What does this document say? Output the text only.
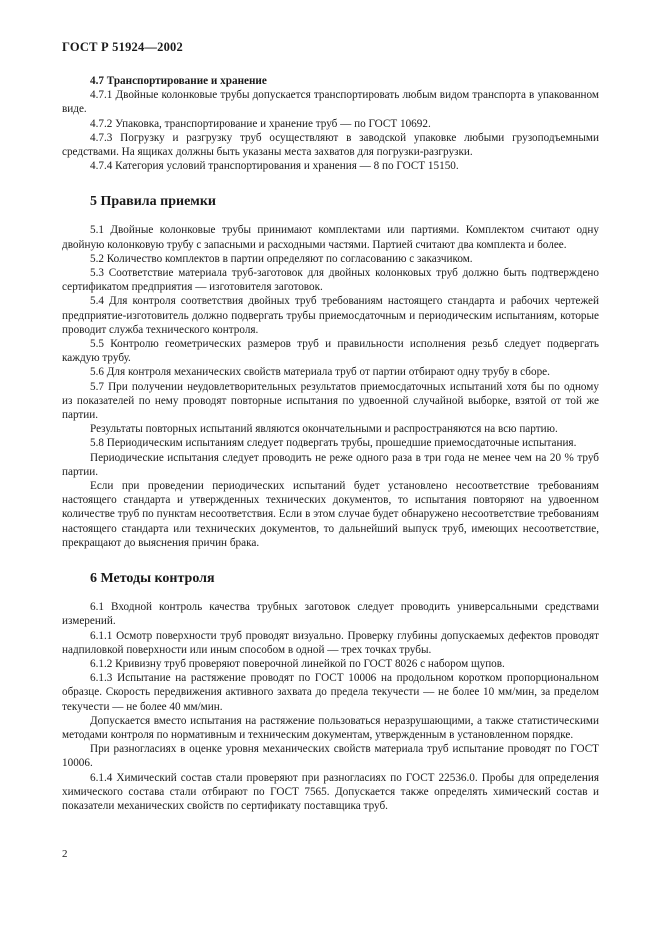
ГОСТ Р 51924—2002
4.7 Транспортирование и хранение

4.7.1 Двойные колонковые трубы допускается транспортировать любым видом транспорта в упакованном виде.

4.7.2 Упаковка, транспортирование и хранение труб — по ГОСТ 10692.

4.7.3 Погрузку и разгрузку труб осуществляют в заводской упаковке любыми грузоподъемными средствами. На ящиках должны быть указаны места захватов для погрузки-разгрузки.

4.7.4 Категория условий транспортирования и хранения — 8 по ГОСТ 15150.

5 Правила приемки

5.1 Двойные колонковые трубы принимают комплектами или партиями. Комплектом считают одну двойную колонковую трубу с запасными и расходными частями. Партией считают два комплекта и более.

5.2 Количество комплектов в партии определяют по согласованию с заказчиком.

5.3 Соответствие материала труб-заготовок для двойных колонковых труб должно быть подтверждено сертификатом предприятия — изготовителя заготовок.

5.4 Для контроля соответствия двойных труб требованиям настоящего стандарта и рабочих чертежей предприятие-изготовитель должно подвергать трубы приемосдаточным и периодическим испытаниям, которые проводит служба технического контроля.

5.5 Контролю геометрических размеров труб и правильности исполнения резьб следует подвергать каждую трубу.

5.6 Для контроля механических свойств материала труб от партии отбирают одну трубу в сборе.

5.7 При получении неудовлетворительных результатов приемосдаточных испытаний хотя бы по одному из показателей по нему проводят повторные испытания по удвоенной случайной выборке, взятой от той же партии.

Результаты повторных испытаний являются окончательными и распространяются на всю партию.

5.8 Периодическим испытаниям следует подвергать трубы, прошедшие приемосдаточные испытания.

Периодические испытания следует проводить не реже одного раза в три года не менее чем на 20 % труб партии.

Если при проведении периодических испытаний будет установлено несоответствие требованиям настоящего стандарта и утвержденных технических документов, то испытания повторяют на удвоенном количестве труб по пунктам несоответствия. Если в этом случае будет обнаружено несоответствие требованиям настоящего стандарта или технических документов, то дальнейший выпуск труб, имеющих несоответствие, прекращают до выяснения причин брака.

6 Методы контроля

6.1 Входной контроль качества трубных заготовок следует проводить универсальными средствами измерений.

6.1.1 Осмотр поверхности труб проводят визуально. Проверку глубины допускаемых дефектов проводят надпиловкой поверхности или иным способом в одной — трех точках трубы.

6.1.2 Кривизну труб проверяют поверочной линейкой по ГОСТ 8026 с набором щупов.

6.1.3 Испытание на растяжение проводят по ГОСТ 10006 на продольном коротком пропорциональном образце. Скорость передвижения активного захвата до предела текучести — не более 10 мм/мин, за пределом текучести — не более 40 мм/мин.

Допускается вместо испытания на растяжение пользоваться неразрушающими, а также статистическими методами контроля по нормативным и техническим документам, утвержденным в установленном порядке.

При разногласиях в оценке уровня механических свойств материала труб испытание проводят по ГОСТ 10006.

6.1.4 Химический состав стали проверяют при разногласиях по ГОСТ 22536.0. Пробы для определения химического состава стали отбирают по ГОСТ 7565. Допускается также определять химический состав и показатели механических свойств по сертификату поставщика труб.

2
